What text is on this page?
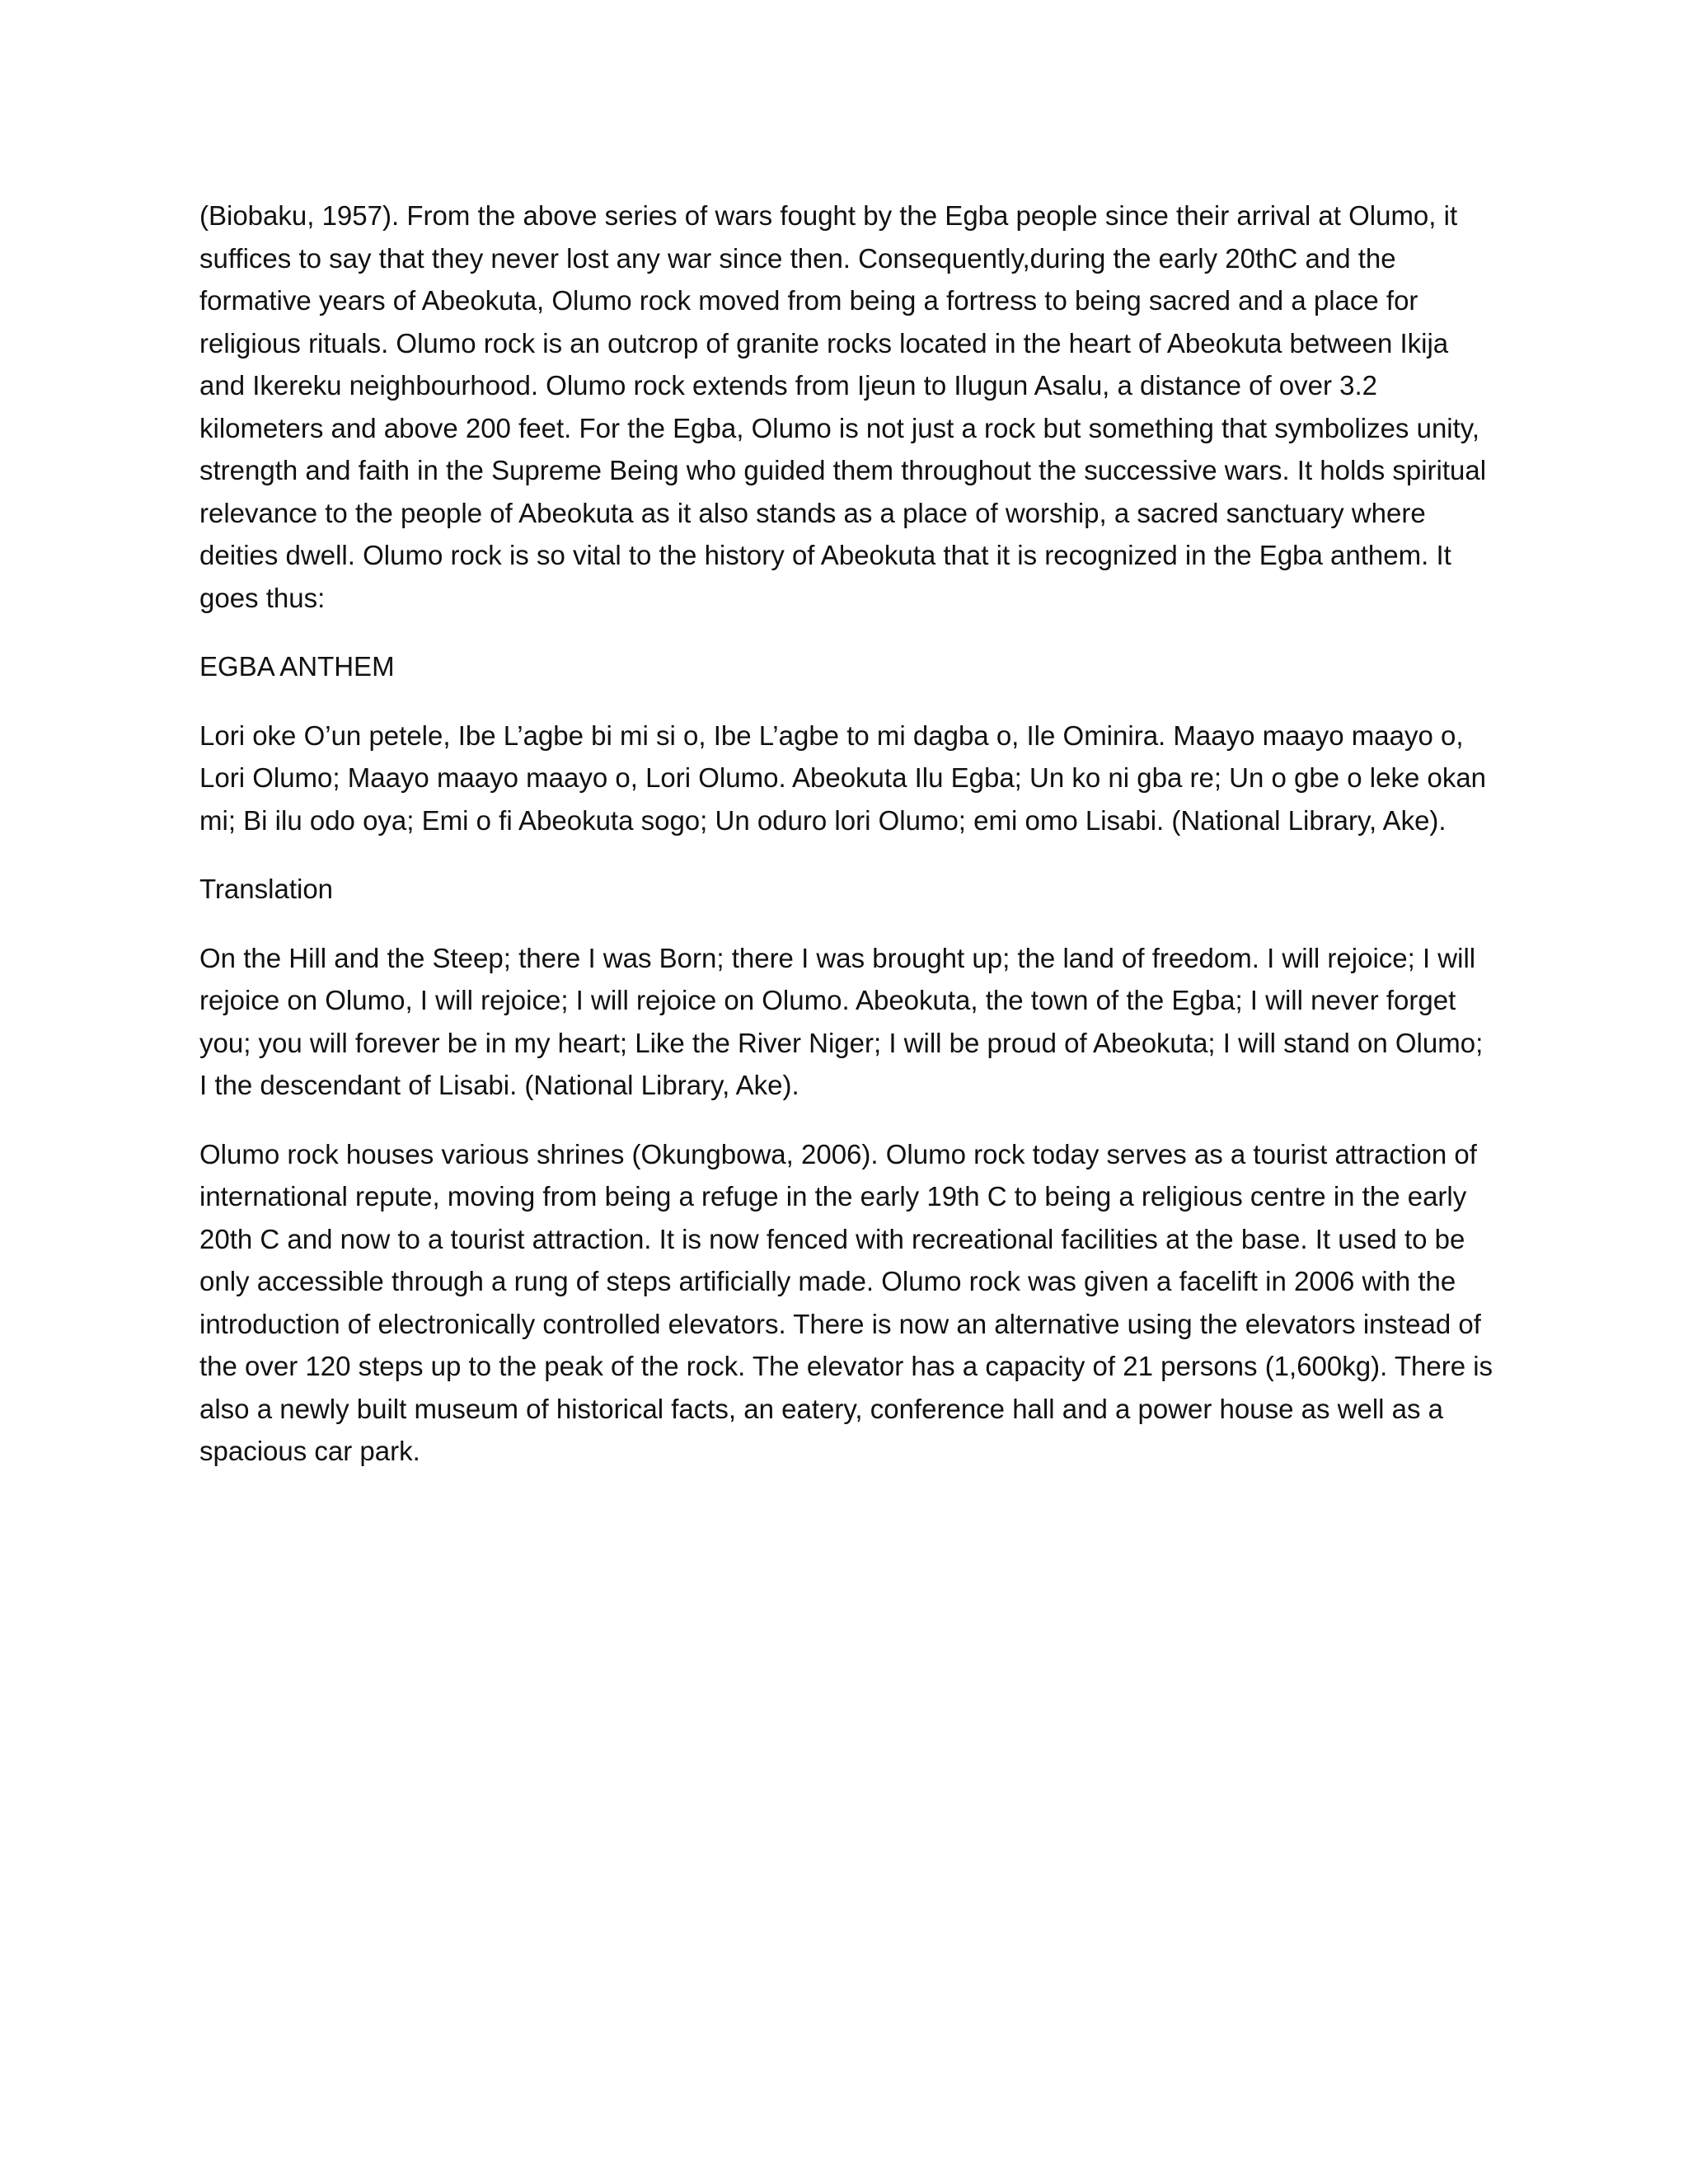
(Biobaku, 1957). From the above series of wars fought by the Egba people since their arrival at Olumo, it suffices to say that they never lost any war since then. Consequently,during the early 20thC and the formative years of Abeokuta, Olumo rock moved from being a fortress to being sacred and a place for religious rituals. Olumo rock is an outcrop of granite rocks located in the heart of Abeokuta between Ikija and Ikereku neighbourhood. Olumo rock extends from Ijeun to Ilugun Asalu, a distance of over 3.2 kilometers and above 200 feet. For the Egba, Olumo is not just a rock but something that symbolizes unity, strength and faith in the Supreme Being who guided them throughout the successive wars. It holds spiritual relevance to the people of Abeokuta as it also stands as a place of worship, a sacred sanctuary where deities dwell. Olumo rock is so vital to the history of Abeokuta that it is recognized in the Egba anthem. It goes thus:

EGBA ANTHEM

Lori oke O’un petele, Ibe L’agbe bi mi si o, Ibe L’agbe to mi dagba o, Ile Ominira. Maayo maayo maayo o, Lori Olumo; Maayo maayo maayo o, Lori Olumo. Abeokuta Ilu Egba; Un ko ni gba re; Un o gbe o leke okan mi; Bi ilu odo oya; Emi o fi Abeokuta sogo; Un oduro lori Olumo; emi omo Lisabi. (National Library, Ake).

Translation

On the Hill and the Steep; there I was Born; there I was brought up; the land of freedom. I will rejoice; I will rejoice on Olumo, I will rejoice; I will rejoice on Olumo. Abeokuta, the town of the Egba; I will never forget you; you will forever be in my heart; Like the River Niger; I will be proud of Abeokuta; I will stand on Olumo; I the descendant of Lisabi. (National Library, Ake).

Olumo rock houses various shrines (Okungbowa, 2006). Olumo rock today serves as a tourist attraction of international repute, moving from being a refuge in the early 19th C to being a religious centre in the early 20th C and now to a tourist attraction. It is now fenced with recreational facilities at the base. It used to be only accessible through a rung of steps artificially made. Olumo rock was given a facelift in 2006 with the introduction of electronically controlled elevators. There is now an alternative using the elevators instead of the over 120 steps up to the peak of the rock. The elevator has a capacity of 21 persons (1,600kg). There is also a newly built museum of historical facts, an eatery, conference hall and a power house as well as a spacious car park.
